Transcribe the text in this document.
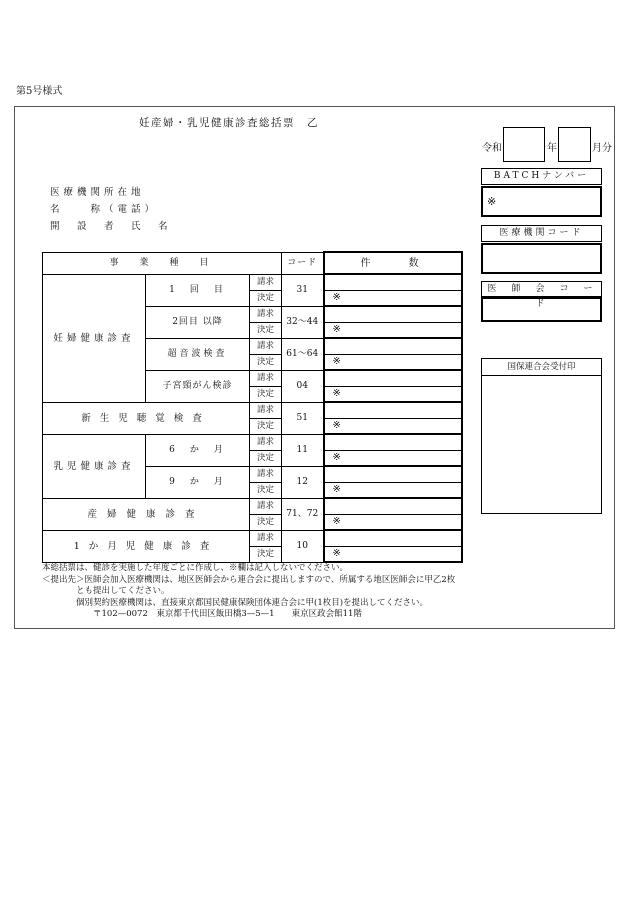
第5号様式
妊産婦・乳児健康診査総括票　乙
令和	年	月分
医療機関所在地
名　　称（電話）
開　設　者　氏　名
BATCHナンバー
※
医療機関コード
医　師　会　コ　ー　ド
国保連合会受付印
事　業　種　目			コード	件　　数
妊婦健康診査	1　回　目	請求	31	
		決定		※
	2回目 以降	請求	32～44	
		決定		※
	超音波検査	請求	61～64	
		決定		※
	子宮頸がん検診	請求	04	
		決定		※
新生児聴覚検査		請求	51	
		決定		※
乳児健康診査	6　か　月	請求	11	
		決定		※
	9　か　月	請求	12	
		決定		※
産婦健康診査		請求	71、72	
		決定		※
1か月児健康診査		請求	10	
		決定		※
本総括票は、健診を実施した年度ごとに作成し、※欄は記入しないでください。
＜提出先＞医師会加入医療機関は、地区医師会から連合会に提出しますので、所属する地区医師会に甲乙2枚
　　　　とも提出してください。
　　　　個別契約医療機関は、直接東京都国民健康保険団体連合会に甲(1枚目)を提出してください。
　　　　　　〒102—0072　東京都千代田区飯田橋3—5—1　　東京区政会館11階
